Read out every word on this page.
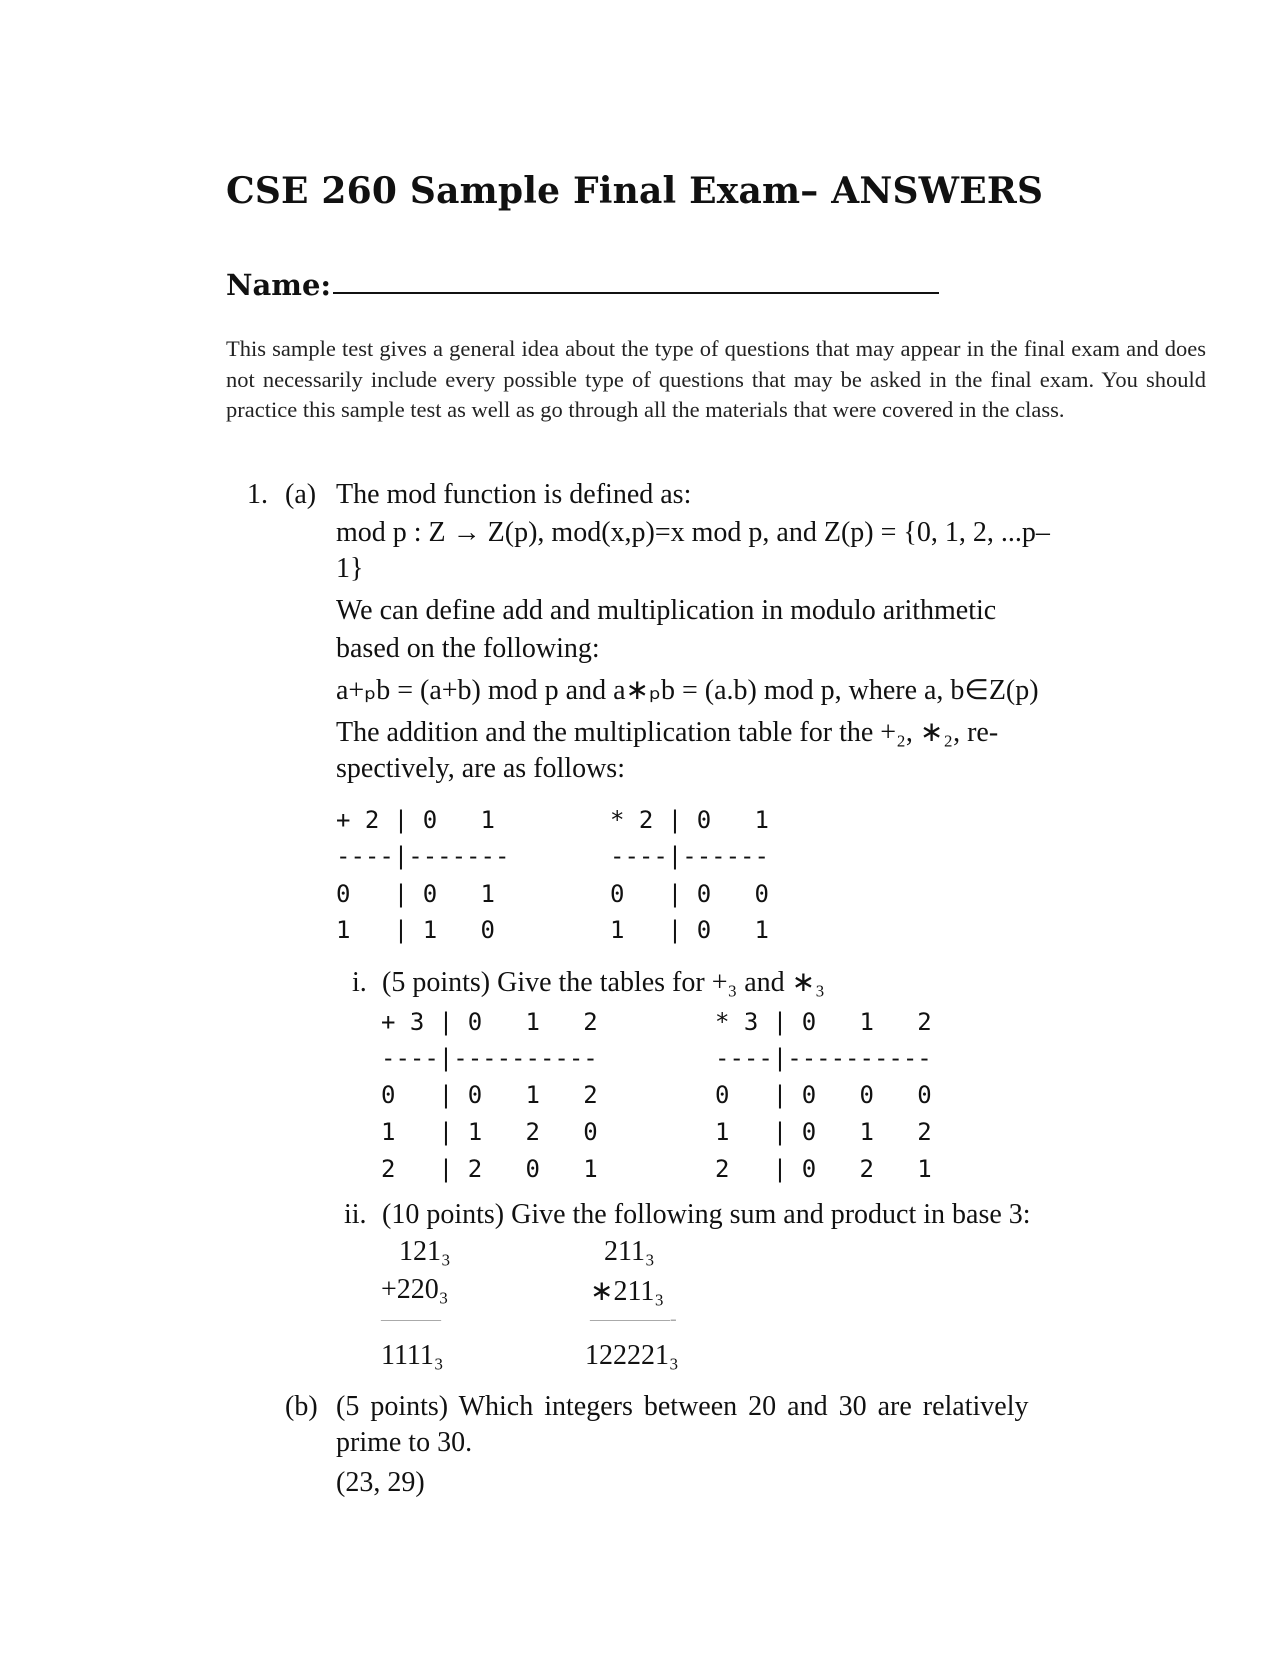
CSE 260 Sample Final Exam– ANSWERS
Name:
This sample test gives a general idea about the type of questions that may appear in the final exam and does not necessarily include every possible type of questions that may be asked in the final exam. You should practice this sample test as well as go through all the materials that were covered in the class.
1. (a) The mod function is defined as:
mod p : Z → Z(p), mod(x,p)=x mod p, and Z(p) = {0, 1, 2, ...p–
1}
We can define add and multiplication in modulo arithmetic
based on the following:
a+ₚb = (a+b) mod p and a∗ₚb = (a.b) mod p, where a, b∈Z(p)
The addition and the multiplication table for the +₂, ∗₂, re-
spectively, are as follows:
+ 2 | 0   1
----|-------
0   | 0   1
1   | 1   0
* 2 | 0   1
----|------
0   | 0   0
1   | 0   1
i. (5 points) Give the tables for +₃ and ∗₃
+ 3 | 0   1   2
----|----------
0   | 0   1   2
1   | 1   2   0
2   | 2   0   1
* 3 | 0   1   2
----|----------
0   | 0   0   0
1   | 0   1   2
2   | 0   2   1
ii. (10 points) Give the following sum and product in base 3:
121₃
+220₃
———
1111₃
211₃
∗211₃
————-
122221₃
(b) (5 points) Which integers between 20 and 30 are relatively
prime to 30.
(23, 29)
